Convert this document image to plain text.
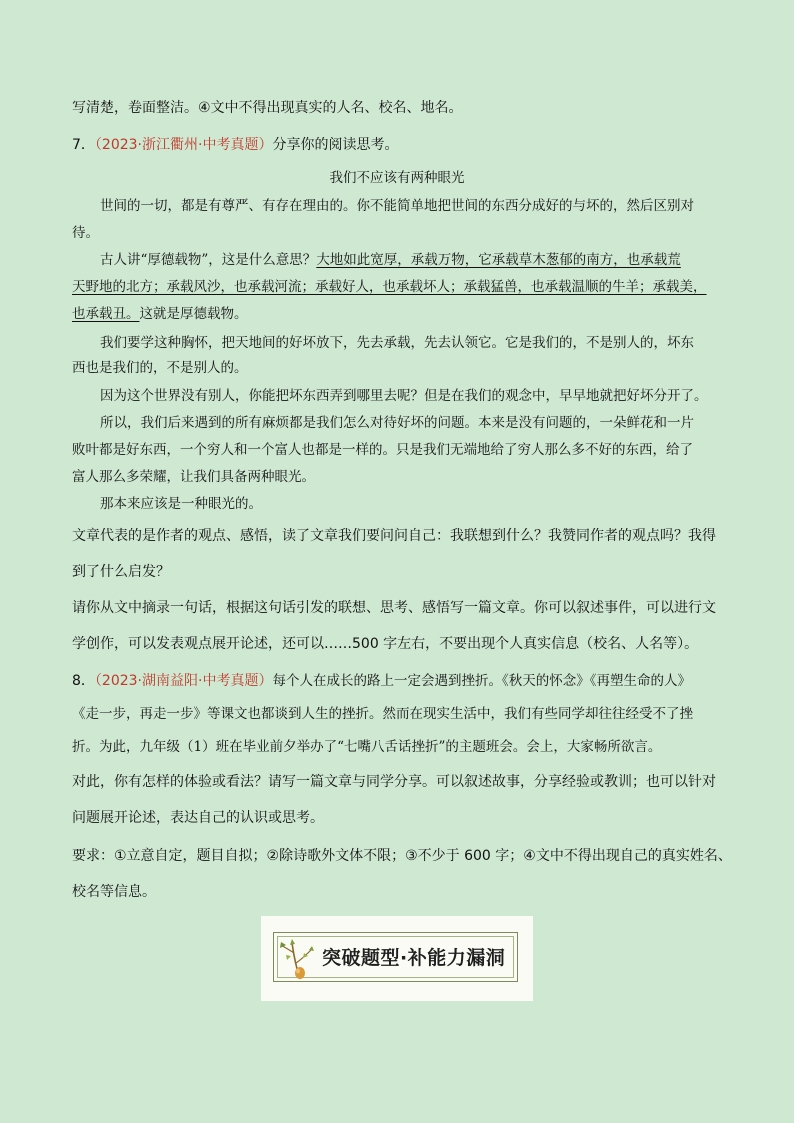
写清楚，卷面整洁。④文中不得出现真实的人名、校名、地名。
7．（2023·浙江衢州·中考真题）分享你的阅读思考。
我们不应该有两种眼光
世间的一切，都是有尊严、有存在理由的。你不能简单地把世间的东西分成好的与坏的，然后区别对
待。
古人讲“厚德载物”，这是什么意思？大地如此宽厚，承载万物，它承载草木葱郁的南方，也承载荒
天野地的北方；承载风沙，也承载河流；承载好人，也承载坏人；承载猛兽，也承载温顺的牛羊；承载美，
也承载丑。这就是厚德载物。
我们要学这种胸怀，把天地间的好坏放下，先去承载，先去认领它。它是我们的，不是别人的，坏东
西也是我们的，不是别人的。
因为这个世界没有别人，你能把坏东西弄到哪里去呢？但是在我们的观念中，早早地就把好坏分开了。
所以，我们后来遇到的所有麻烦都是我们怎么对待好坏的问题。本来是没有问题的，一朵鲜花和一片
败叶都是好东西，一个穷人和一个富人也都是一样的。只是我们无端地给了穷人那么多不好的东西，给了
富人那么多荣耀，让我们具备两种眼光。
那本来应该是一种眼光的。
文章代表的是作者的观点、感悟，读了文章我们要问问自己：我联想到什么？我赞同作者的观点吗？我得
到了什么启发？
请你从文中摘录一句话，根据这句话引发的联想、思考、感悟写一篇文章。你可以叙述事件，可以进行文
学创作，可以发表观点展开论述，还可以……500 字左右，不要出现个人真实信息（校名、人名等）。
8．（2023·湖南益阳·中考真题）每个人在成长的路上一定会遇到挫折。《秋天的怀念》《再塑生命的人》
《走一步，再走一步》等课文也都谈到人生的挫折。然而在现实生活中，我们有些同学却往往经受不了挫
折。为此，九年级（1）班在毕业前夕举办了“七嘴八舌话挫折”的主题班会。会上，大家畅所欲言。
对此，你有怎样的体验或看法？请写一篇文章与同学分享。可以叙述故事，分享经验或教训；也可以针对
问题展开论述，表达自己的认识或思考。
要求：①立意自定，题目自拟；②除诗歌外文体不限；③不少于 600 字；④文中不得出现自己的真实姓名、
校名等信息。
突破题型·补能力漏洞
